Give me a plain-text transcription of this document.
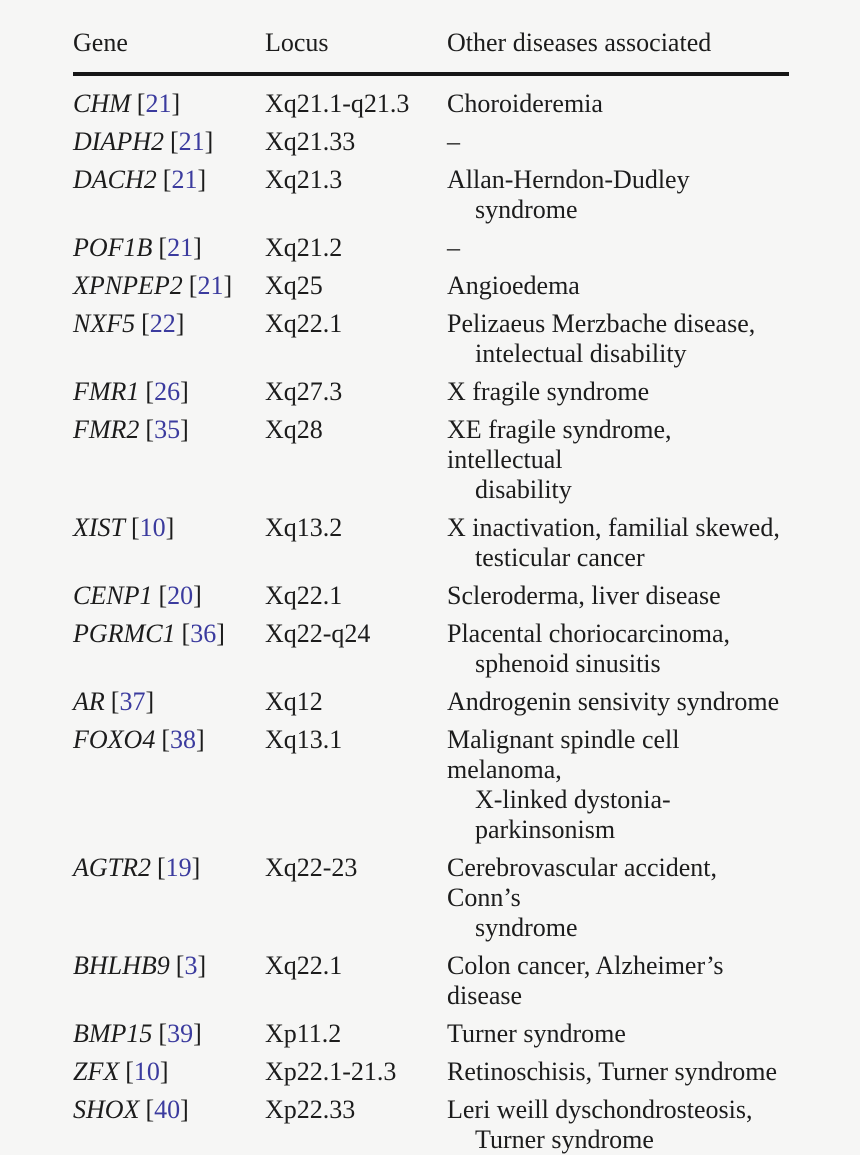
Gene	Locus	Other diseases associated
CHM [21]	Xq21.1-q21.3	Choroideremia
DIAPH2 [21]	Xq21.33	–
DACH2 [21]	Xq21.3	Allan-Herndon-Dudley
syndrome
POF1B [21]	Xq21.2	–
XPNPEP2 [21]	Xq25	Angioedema
NXF5 [22]	Xq22.1	Pelizaeus Merzbache disease,
intelectual disability
FMR1 [26]	Xq27.3	X fragile syndrome
FMR2 [35]	Xq28	XE fragile syndrome, intellectual
disability
XIST [10]	Xq13.2	X inactivation, familial skewed,
testicular cancer
CENP1 [20]	Xq22.1	Scleroderma, liver disease
PGRMC1 [36]	Xq22-q24	Placental choriocarcinoma,
sphenoid sinusitis
AR [37]	Xq12	Androgenin sensivity syndrome
FOXO4 [38]	Xq13.1	Malignant spindle cell melanoma,
X-linked dystonia-parkinsonism
AGTR2 [19]	Xq22-23	Cerebrovascular accident, Conn’s
syndrome
BHLHB9 [3]	Xq22.1	Colon cancer, Alzheimer’s disease
BMP15 [39]	Xp11.2	Turner syndrome
ZFX [10]	Xp22.1-21.3	Retinoschisis, Turner syndrome
SHOX [40]	Xp22.33	Leri weill dyschondrosteosis,
Turner syndrome
